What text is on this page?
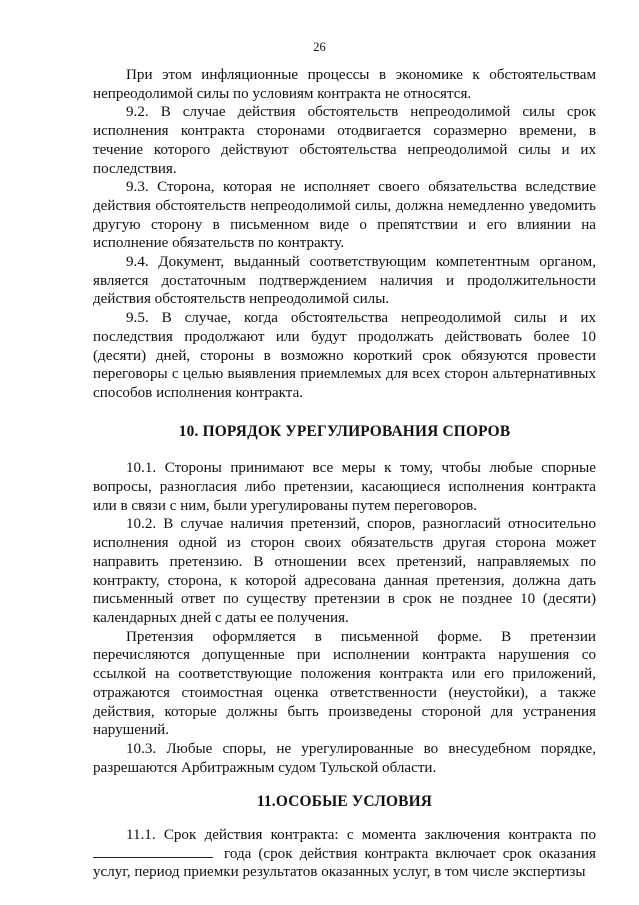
26

При этом инфляционные процессы в экономике к обстоятельствам непреодолимой силы по условиям контракта не относятся.

9.2. В случае действия обстоятельств непреодолимой силы срок исполнения контракта сторонами отодвигается соразмерно времени, в течение которого действуют обстоятельства непреодолимой силы и их последствия.

9.3. Сторона, которая не исполняет своего обязательства вследствие действия обстоятельств непреодолимой силы, должна немедленно уведомить другую сторону в письменном виде о препятствии и его влиянии на исполнение обязательств по контракту.

9.4. Документ, выданный соответствующим компетентным органом, является достаточным подтверждением наличия и продолжительности действия обстоятельств непреодолимой силы.

9.5. В случае, когда обстоятельства непреодолимой силы и их последствия продолжают или будут продолжать действовать более 10 (десяти) дней, стороны в возможно короткий срок обязуются провести переговоры с целью выявления приемлемых для всех сторон альтернативных способов исполнения контракта.

10. ПОРЯДОК УРЕГУЛИРОВАНИЯ СПОРОВ

10.1. Стороны принимают все меры к тому, чтобы любые спорные вопросы, разногласия либо претензии, касающиеся исполнения контракта или в связи с ним, были урегулированы путем переговоров.

10.2. В случае наличия претензий, споров, разногласий относительно исполнения одной из сторон своих обязательств другая сторона может направить претензию. В отношении всех претензий, направляемых по контракту, сторона, к которой адресована данная претензия, должна дать письменный ответ по существу претензии в срок не позднее 10 (десяти) календарных дней с даты ее получения.

Претензия оформляется в письменной форме. В претензии перечисляются допущенные при исполнении контракта нарушения со ссылкой на соответствующие положения контракта или его приложений, отражаются стоимостная оценка ответственности (неустойки), а также действия, которые должны быть произведены стороной для устранения нарушений.

10.3. Любые споры, не урегулированные во внесудебном порядке, разрешаются Арбитражным судом Тульской области.

11.ОСОБЫЕ УСЛОВИЯ

11.1. Срок действия контракта: с момента заключения контракта по  года (срок действия контракта включает срок оказания услуг, период приемки результатов оказанных услуг, в том числе экспертизы
